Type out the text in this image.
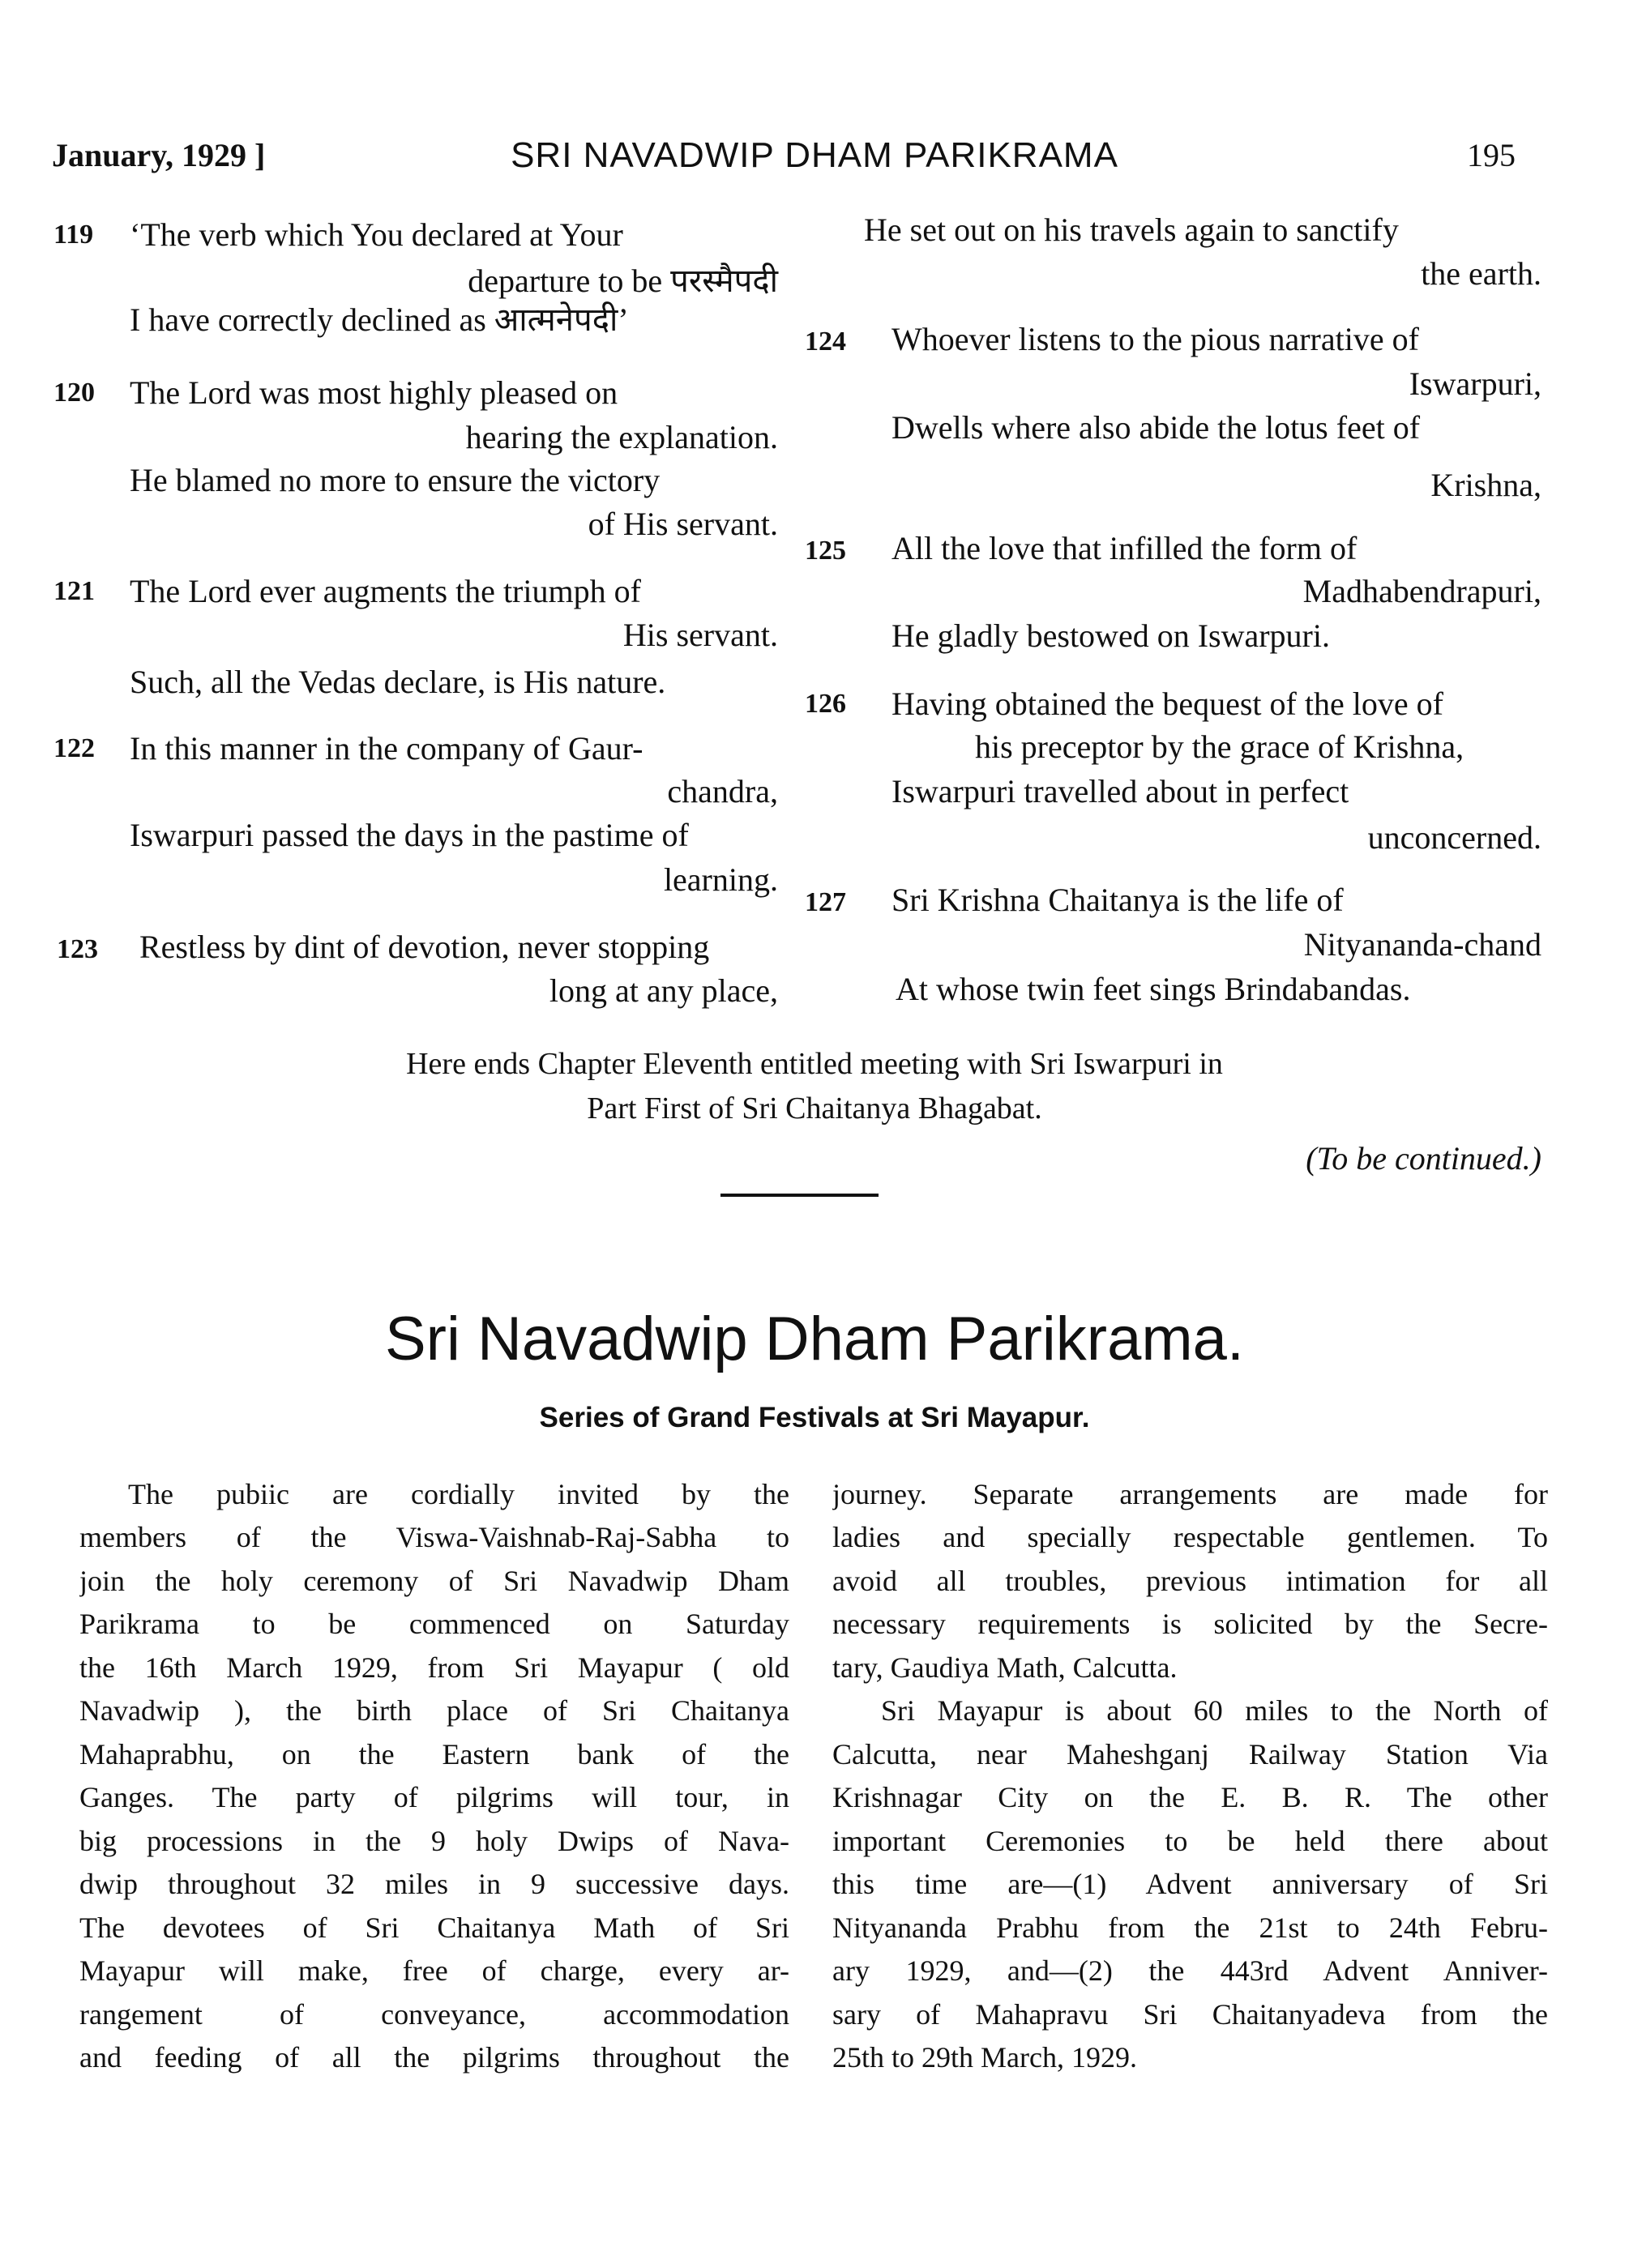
January, 1929 ]	SRI NAVADWIP DHAM PARIKRAMA	195
119 ‘The verb which You declared at Your
departure to be परस्मैपदी
I have correctly declined as आत्मनेपदी’
120 The Lord was most highly pleased on
hearing the explanation.
He blamed no more to ensure the victory
of His servant.
121 The Lord ever augments the triumph of
His servant.
Such, all the Vedas declare, is His nature.
122 In this manner in the company of Gaur-
chandra,
Iswarpuri passed the days in the pastime of
learning.
123 Restless by dint of devotion, never stopping
long at any place,
He set out on his travels again to sanctify
the earth.
124 Whoever listens to the pious narrative of
Iswarpuri,
Dwells where also abide the lotus feet of
Krishna,
125 All the love that infilled the form of
Madhabendrapuri,
He gladly bestowed on Iswarpuri.
126 Having obtained the bequest of the love of
his preceptor by the grace of Krishna,
Iswarpuri travelled about in perfect
unconcerned.
127 Sri Krishna Chaitanya is the life of
Nityananda-chand
At whose twin feet sings Brindabandas.
Here ends Chapter Eleventh entitled meeting with Sri Iswarpuri in
Part First of Sri Chaitanya Bhagabat.
(To be continued.)
Sri Navadwip Dham Parikrama.
Series of Grand Festivals at Sri Mayapur.
The pubiic are cordially invited by the
members of the Viswa-Vaishnab-Raj-Sabha to
join the holy ceremony of Sri Navadwip Dham
Parikrama to be commenced on Saturday
the 16th March 1929, from Sri Mayapur ( old
Navadwip ), the birth place of Sri Chaitanya
Mahaprabhu, on the Eastern bank of the
Ganges. The party of pilgrims will tour, in
big processions in the 9 holy Dwips of Nava-
dwip throughout 32 miles in 9 successive days.
The devotees of Sri Chaitanya Math of Sri
Mayapur will make, free of charge, every ar-
rangement of conveyance, accommodation
and feeding of all the pilgrims throughout the
journey. Separate arrangements are made for
ladies and specially respectable gentlemen. To
avoid all troubles, previous intimation for all
necessary requirements is solicited by the Secre-
tary, Gaudiya Math, Calcutta.
Sri Mayapur is about 60 miles to the North of
Calcutta, near Maheshganj Railway Station Via
Krishnagar City on the E. B. R. The other
important Ceremonies to be held there about
this time are—(1) Advent anniversary of Sri
Nityananda Prabhu from the 21st to 24th Febru-
ary 1929, and—(2) the 443rd Advent Anniver-
sary of Mahapravu Sri Chaitanyadeva from the
25th to 29th March, 1929.
